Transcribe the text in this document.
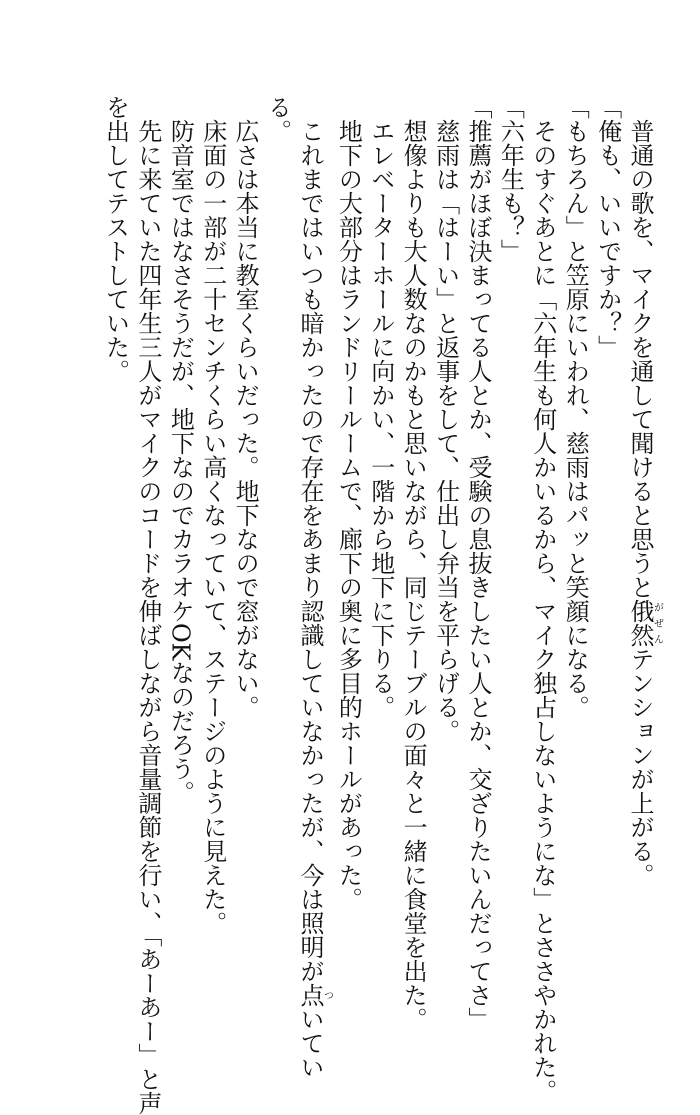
普通の歌を、マイクを通して聞けると思うと俄然がぜんテンションが上がる。
「俺も、いいですか？」
「もちろん」と笠原にいわれ、慈雨はパッと笑顔になる。
そのすぐあとに「六年生も何人かいるから、マイク独占しないようにな」とささやかれた。
「六年生も？」
「推薦がほぼ決まってる人とか、受験の息抜きしたい人とか、交ざりたいんだってさ」
慈雨は「はーい」と返事をして、仕出し弁当を平らげる。
想像よりも大人数なのかもと思いながら、同じテーブルの面々と一緒に食堂を出た。
エレベーターホールに向かい、一階から地下に下りる。
地下の大部分はランドリールームで、廊下の奥に多目的ホールがあった。
これまではいつも暗かったので存在をあまり認識していなかったが、今は照明が点ついてい
る。
広さは本当に教室くらいだった。地下なので窓がない。
床面の一部が二十センチくらい高くなっていて、ステージのように見えた。
防音室ではなさそうだが、地下なのでカラオケOKなのだろう。
先に来ていた四年生三人がマイクのコードを伸ばしながら音量調節を行い、「あーあー」と声
を出してテストしていた。
